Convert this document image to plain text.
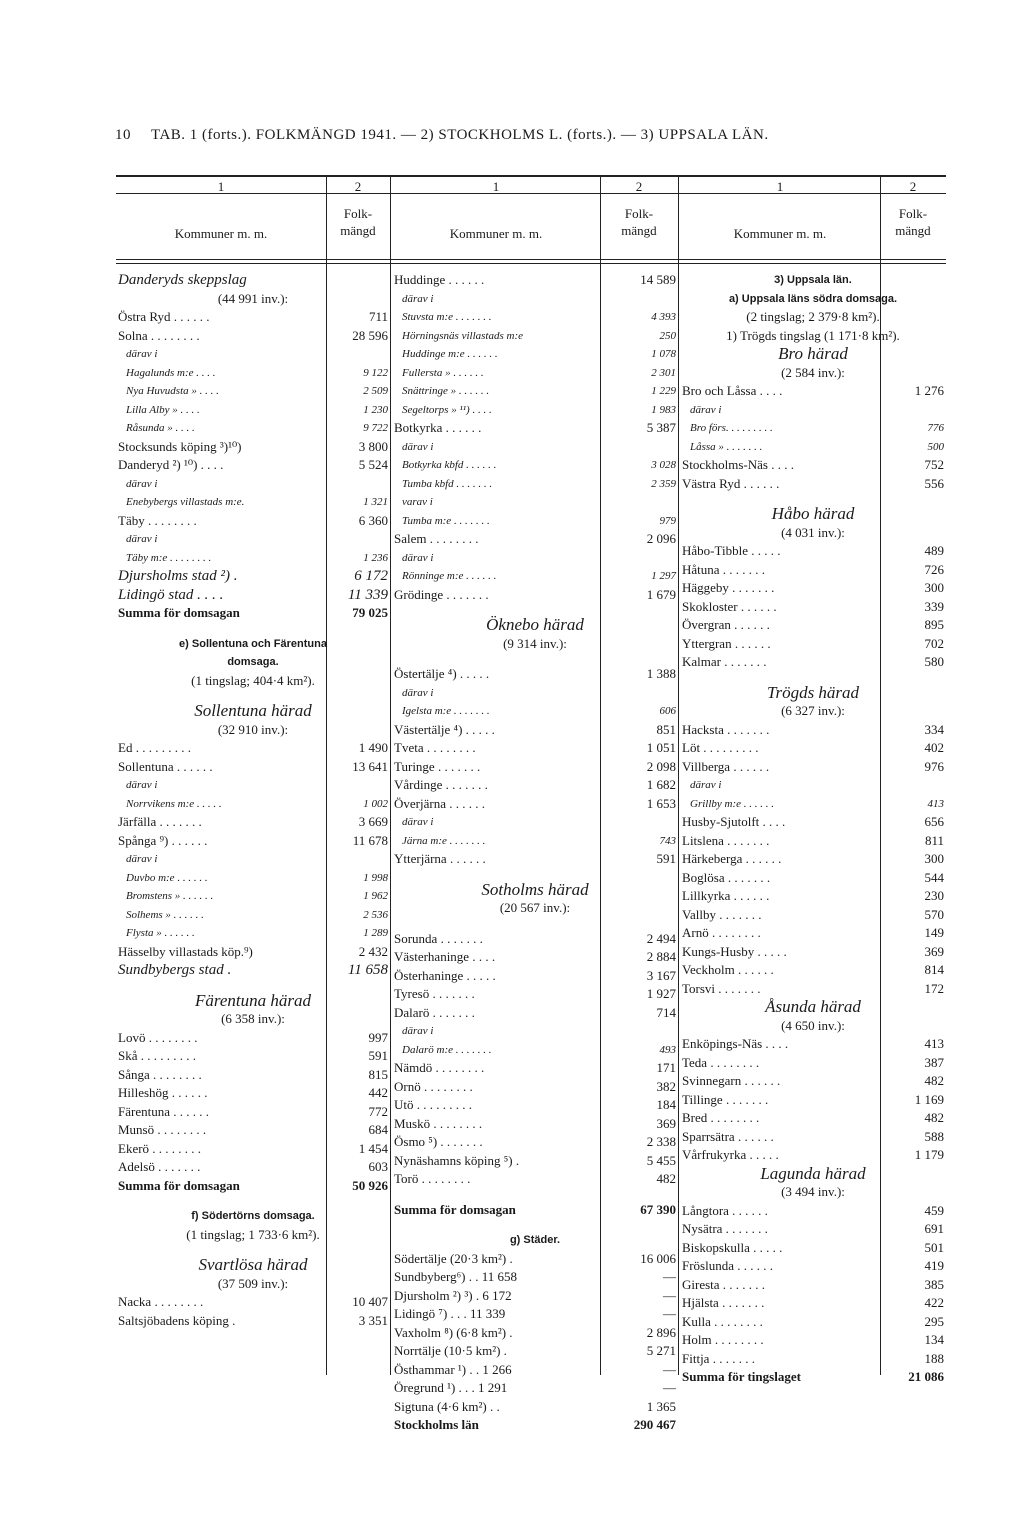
10 TAB. 1 (forts.). FOLKMÄNGD 1941. — 2) STOCKHOLMS L. (forts.). — 3) UPPSALA LÄN.
1	2	1	2	1	2
Kommuner m. m.
Folk-
mängd	Kommuner m. m.
Folk-
mängd	Kommuner m. m.
Folk-
mängd
Danderyds skeppslag
(44 991 inv.):
Östra Ryd . . . . . .	711
Solna . . . . . . . .	28 596
därav i
Hagalunds m:e . . . .	9 122
Nya Huvudsta » . . . .	2 509
Lilla Alby » . . . .	1 230
Råsunda » . . . .	9 722
Stocksunds köping ³)¹⁰)	3 800
Danderyd ²) ¹⁰) . . . .	5 524
därav i
Enebybergs villastads m:e.	1 321
Täby . . . . . . . .	6 360
därav i
Täby m:e . . . . . . . .	1 236
Djursholms stad ²) .	6 172
Lidingö stad . . . .	11 339
Summa för domsagan	79 025
e) Sollentuna och Färentuna
domsaga.
(1 tingslag; 404·4 km²).
Sollentuna härad
(32 910 inv.):
Ed . . . . . . . . .	1 490
Sollentuna . . . . . .	13 641
därav i
Norrvikens m:e . . . . .	1 002
Järfälla . . . . . . .	3 669
Spånga ⁹) . . . . . .	11 678
därav i
Duvbo m:e . . . . . .	1 998
Bromstens » . . . . . .	1 962
Solhems » . . . . . .	2 536
Flysta » . . . . . .	1 289
Hässelby villastads köp.⁹)	2 432
Sundbybergs stad .	11 658
Färentuna härad
(6 358 inv.):
Lovö . . . . . . . .	997
Skå . . . . . . . . .	591
Sånga . . . . . . . .	815
Hilleshög . . . . . .	442
Färentuna . . . . . .	772
Munsö . . . . . . . .	684
Ekerö . . . . . . . .	1 454
Adelsö . . . . . . .	603
Summa för domsagan	50 926
f) Södertörns domsaga.
(1 tingslag; 1 733·6 km²).
Svartlösa härad
(37 509 inv.):
Nacka . . . . . . . .	10 407
Saltsjöbadens köping .	3 351
Huddinge . . . . . .	14 589
därav i
Stuvsta m:e . . . . . . .	4 393
Hörningsnäs villastads m:e	250
Huddinge m:e . . . . . .	1 078
Fullersta » . . . . . .	2 301
Snättringe » . . . . . .	1 229
Segeltorps » ¹¹) . . . .	1 983
Botkyrka . . . . . .	5 387
därav i
Botkyrka kbfd . . . . . .	3 028
Tumba kbfd . . . . . . .	2 359
varav i
Tumba m:e . . . . . . .	979
Salem . . . . . . . .	2 096
därav i
Rönninge m:e . . . . . .	1 297
Grödinge . . . . . . .	1 679
Öknebo härad
(9 314 inv.):
Östertälje ⁴) . . . . .	1 388
därav i
Igelsta m:e . . . . . . .	606
Västertälje ⁴) . . . . .	851
Tveta . . . . . . . .	1 051
Turinge . . . . . . .	2 098
Vårdinge . . . . . . .	1 682
Överjärna . . . . . .	1 653
därav i
Järna m:e . . . . . . .	743
Ytterjärna . . . . . .	591
Sotholms härad
(20 567 inv.):
Sorunda . . . . . . .	2 494
Västerhaninge . . . .	2 884
Österhaninge . . . . .	3 167
Tyresö . . . . . . .	1 927
Dalarö . . . . . . .	714
därav i
Dalarö m:e . . . . . . .	493
Nämdö . . . . . . . .	171
Ornö . . . . . . . .	382
Utö . . . . . . . . .	184
Muskö . . . . . . . .	369
Ösmo ⁵) . . . . . . .	2 338
Nynäshamns köping ⁵) .	5 455
Torö . . . . . . . .	482
Summa för domsagan	67 390
g) Städer.
Södertälje (20·3 km²) .	16 006
Sundbyberg⁶) . . 11 658	—
Djursholm ²) ³) . 6 172	—
Lidingö ⁷) . . . 11 339	—
Vaxholm ⁸) (6·8 km²) .	2 896
Norrtälje (10·5 km²) .	5 271
Östhammar ¹) . . 1 266	—
Öregrund ¹) . . . 1 291	—
Sigtuna (4·6 km²) . .	1 365
Stockholms län	290 467
3) Uppsala län.
a) Uppsala läns södra domsaga.
(2 tingslag; 2 379·8 km²).
1) Trögds tingslag (1 171·8 km²).
Bro härad
(2 584 inv.):
Bro och Låssa . . . .	1 276
därav i
Bro förs. . . . . . . . .	776
Låssa » . . . . . . .	500
Stockholms-Näs . . . .	752
Västra Ryd . . . . . .	556
Håbo härad
(4 031 inv.):
Håbo-Tibble . . . . .	489
Håtuna . . . . . . .	726
Häggeby . . . . . . .	300
Skokloster . . . . . .	339
Övergran . . . . . .	895
Yttergran . . . . . .	702
Kalmar . . . . . . .	580
Trögds härad
(6 327 inv.):
Hacksta . . . . . . .	334
Löt . . . . . . . . .	402
Villberga . . . . . .	976
därav i
Grillby m:e . . . . . .	413
Husby-Sjutolft . . . .	656
Litslena . . . . . . .	811
Härkeberga . . . . . .	300
Boglösa . . . . . . .	544
Lillkyrka . . . . . .	230
Vallby . . . . . . .	570
Arnö . . . . . . . .	149
Kungs-Husby . . . . .	369
Veckholm . . . . . .	814
Torsvi . . . . . . .	172
Åsunda härad
(4 650 inv.):
Enköpings-Näs . . . .	413
Teda . . . . . . . .	387
Svinnegarn . . . . . .	482
Tillinge . . . . . . .	1 169
Bred . . . . . . . .	482
Sparrsätra . . . . . .	588
Vårfrukyrka . . . . .	1 179
Lagunda härad
(3 494 inv.):
Långtora . . . . . .	459
Nysätra . . . . . . .	691
Biskopskulla . . . . .	501
Fröslunda . . . . . .	419
Giresta . . . . . . .	385
Hjälsta . . . . . . .	422
Kulla . . . . . . . .	295
Holm . . . . . . . .	134
Fittja . . . . . . .	188
Summa för tingslaget	21 086
